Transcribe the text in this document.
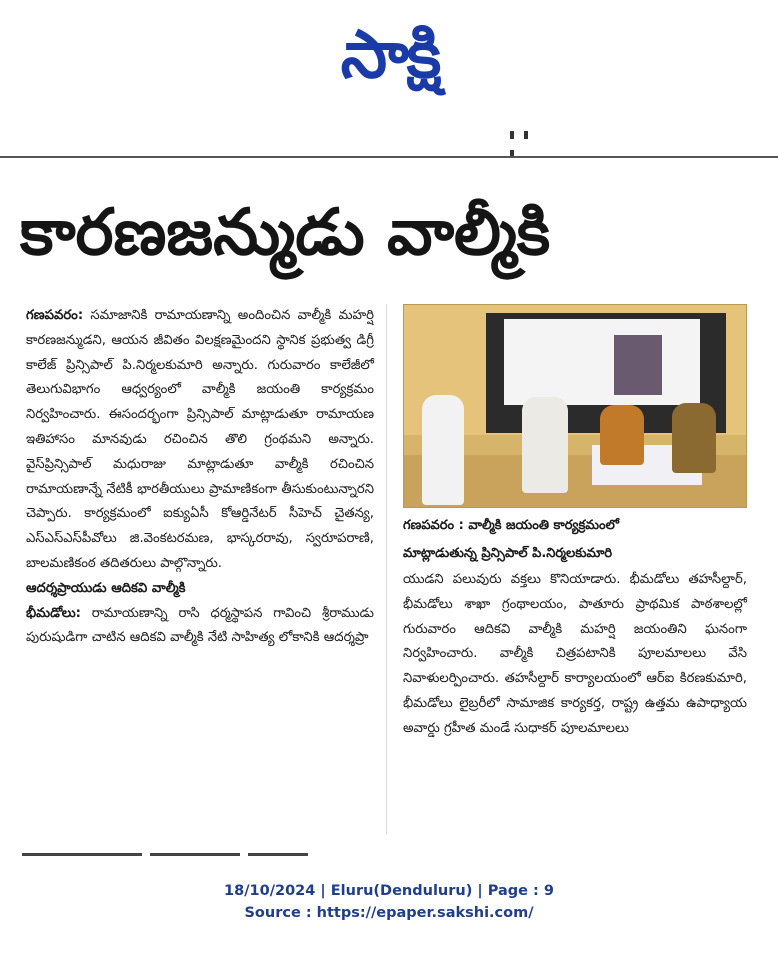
సాక్షి
కారణజన్ముడు వాల్మీకి

గణపవరం: సమాజానికి రామాయణాన్ని అందించిన వాల్మీకి మహర్షి కారణజన్ముడని, ఆయన జీవితం విలక్షణమైందని స్థానిక ప్రభుత్వ డిగ్రీ కాలేజ్ ప్రిన్సిపాల్ పి.నిర్మలకుమారి అన్నారు. గురువారం కాలేజీలో తెలుగువిభాగం ఆధ్వర్యంలో వాల్మీకి జయంతి కార్యక్రమం నిర్వహించారు. ఈసందర్భంగా ప్రిన్సిపాల్ మాట్లాడుతూ రామాయణ ఇతిహాసం మానవుడు రచించిన తొలి గ్రంథమని అన్నారు. వైస్‌ప్రిన్సిపాల్ మధురాజు మాట్లాడుతూ వాల్మీకి రచించిన రామాయణాన్నే నేటికీ భారతీయులు ప్రామాణికంగా తీసుకుంటున్నారని చెప్పారు. కార్యక్రమంలో ఐక్యుఏసీ కోఆర్డినేటర్ సీహెచ్ చైతన్య, ఎస్ఎస్ఎస్‌పీవోలు జి.వెంకటరమణ, భాస్కరరావు, స్వరూపరాణి, బాలమణికంఠ తదితరులు పాల్గొన్నారు.

ఆదర్శప్రాయుడు ఆదికవి వాల్మీకి

భీమడోలు: రామాయణాన్ని రాసి ధర్మస్థాపన గావించి శ్రీరాముడు పురుషుడిగా చాటిన ఆదికవి వాల్మీకి నేటి సాహిత్య లోకానికి ఆదర్శప్రా

గణపవరం : వాల్మీకి జయంతి కార్యక్రమంలో
మాట్లాడుతున్న ప్రిన్సిపాల్ పి.నిర్మలకుమారి

యుడని పలువురు వక్తలు కొనియాడారు. భీమడోలు తహసీల్దార్, భీమడోలు శాఖా గ్రంథాలయం, పాతూరు ప్రాథమిక పాఠశాలల్లో గురువారం ఆదికవి వాల్మీకి మహర్షి జయంతిని ఘనంగా నిర్వహించారు. వాల్మీకి చిత్రపటానికి పూలమాలలు వేసి నివాళులర్పించారు. తహసీల్దార్ కార్యాలయంలో ఆర్ఐ కిరణకుమారి, భీమడోలు లైబ్రరీలో సామాజిక కార్యకర్త, రాష్ట్ర ఉత్తమ ఉపాధ్యాయ అవార్డు గ్రహీత మండే సుధాకర్ పూలమాలలు

18/10/2024 | Eluru(Denduluru) | Page : 9
Source : https://epaper.sakshi.com/
